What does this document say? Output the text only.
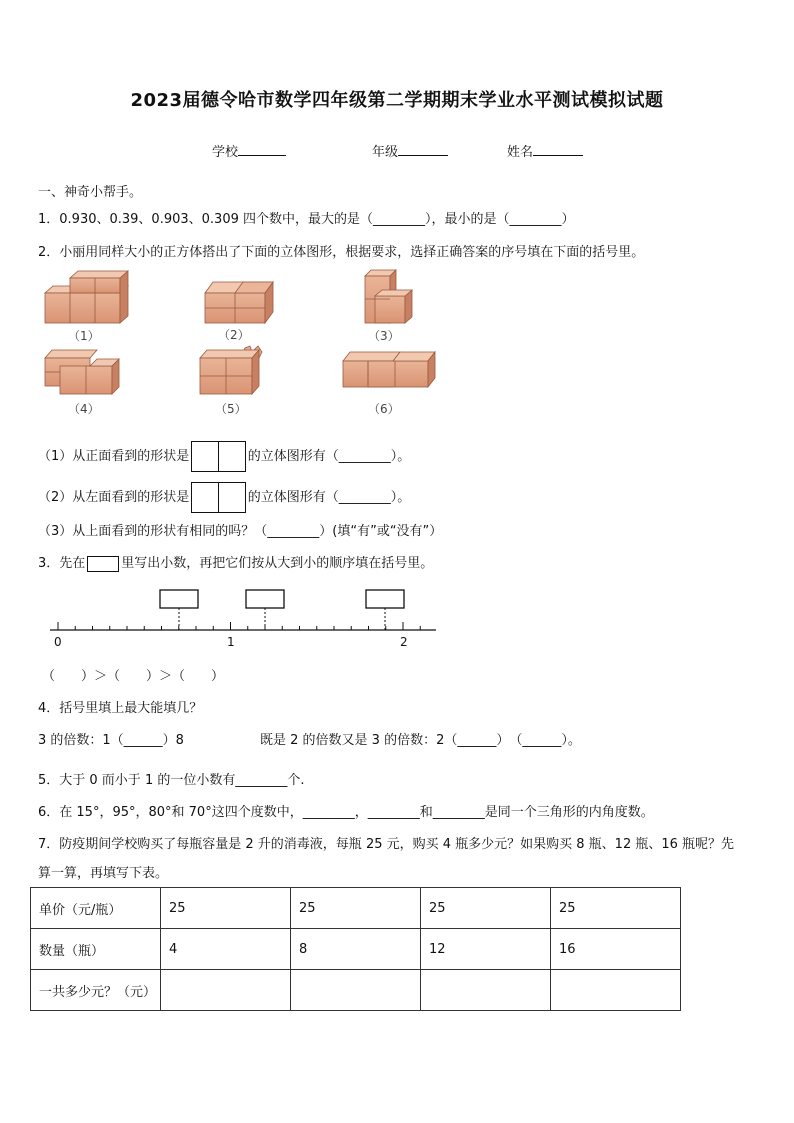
2023届德令哈市数学四年级第二学期期末学业水平测试模拟试题
学校	年级	姓名
一、神奇小帮手。
1．0.930、0.39、0.903、0.309 四个数中，最大的是（________），最小的是（________）
2．小丽用同样大小的正方体搭出了下面的立体图形，根据要求，选择正确答案的序号填在下面的括号里。
（1）	（2）	（3）
（4）	（5）	（6）
（1）从正面看到的形状是	的立体图形有（________）。
（2）从左面看到的形状是	的立体图形有（________）。
（3）从上面看到的形状有相同的吗？（________）(填“有”或“没有”）
3．先在	里写出小数，再把它们按从大到小的顺序填在括号里。
0	1	2
（　　）＞（　　）＞（　　）
4．括号里填上最大能填几？
3 的倍数：1（______）8	既是 2 的倍数又是 3 的倍数：2（______）　（______）。
5．大于 0 而小于 1 的一位小数有________个.
6．在 15°，95°，80°和 70°这四个度数中，________，________和________是同一个三角形的内角度数。
7．防疫期间学校购买了每瓶容量是 2 升的消毒液，每瓶 25 元，购买 4 瓶多少元？如果购买 8 瓶、12 瓶、16 瓶呢？先
算一算，再填写下表。
单价（元/瓶）	25	25	25	25
数量（瓶）	4	8	12	16
一共多少元？（元）				
